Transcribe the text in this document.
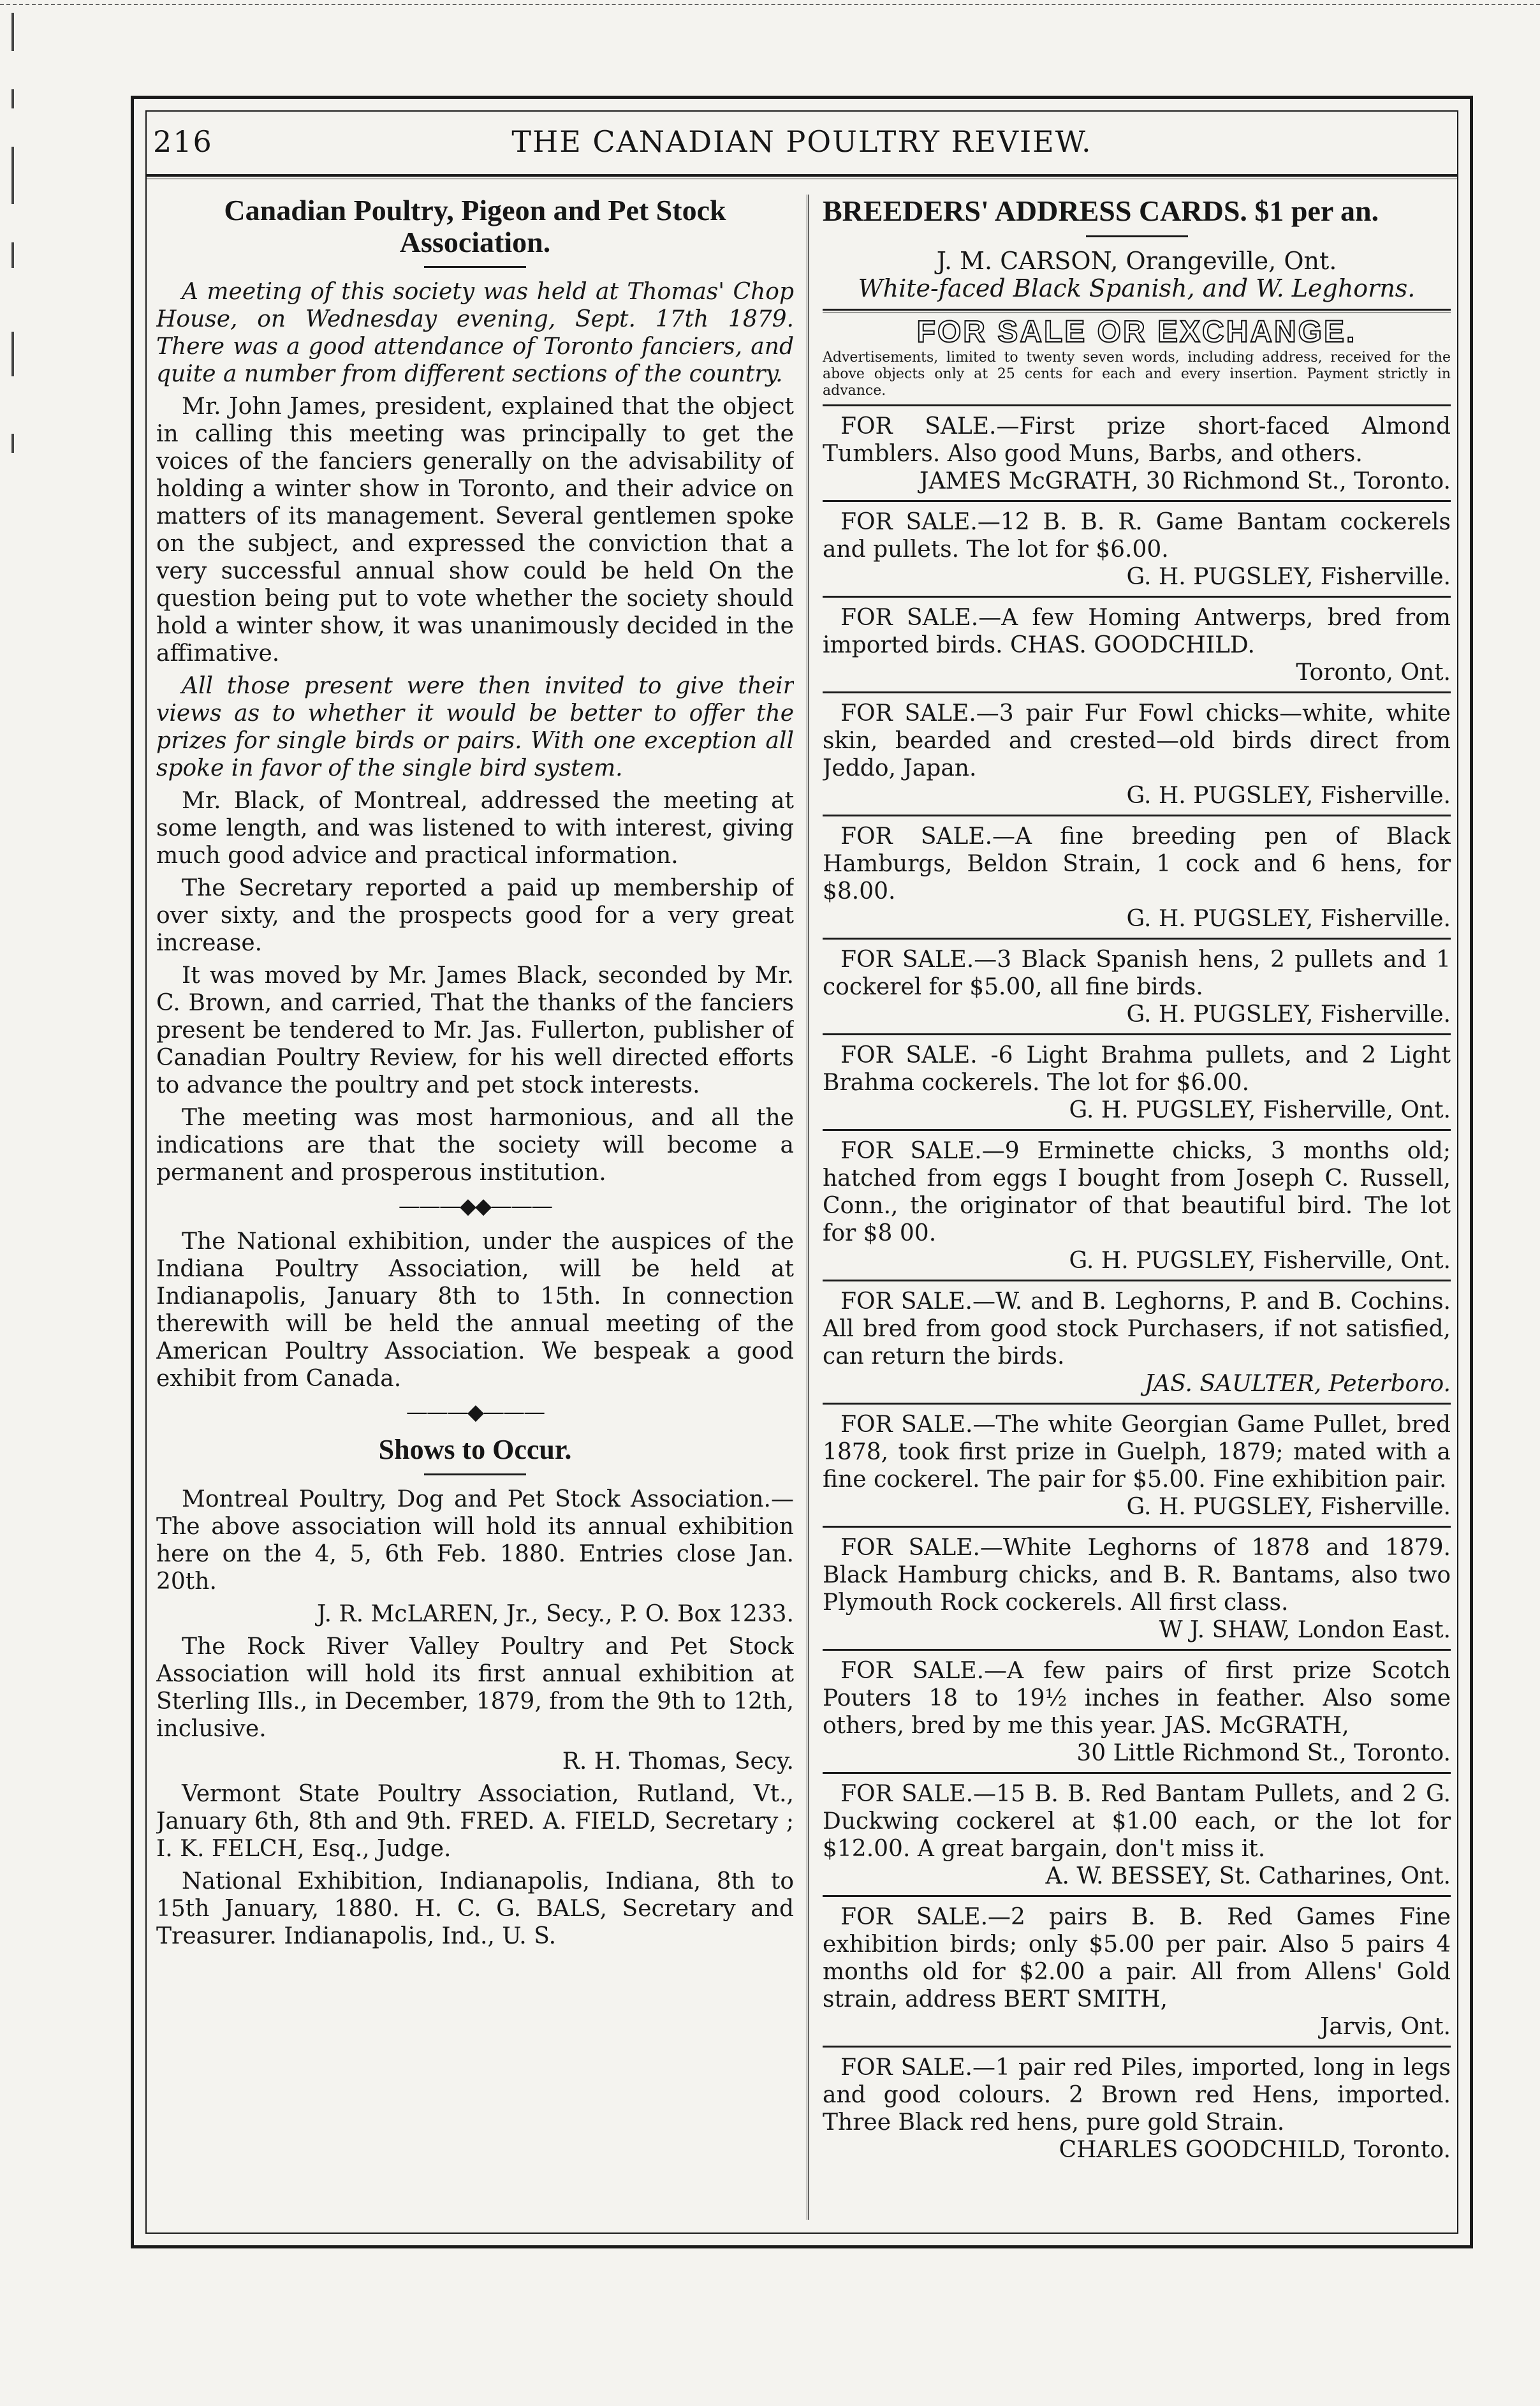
216	THE CANADIAN POULTRY REVIEW.
Canadian Poultry, Pigeon and Pet Stock Association.

A meeting of this society was held at Thomas' Chop House, on Wednesday evening, Sept. 17th 1879. There was a good attendance of Toronto fanciers, and quite a number from different sections of the country.

Mr. John James, president, explained that the object in calling this meeting was principally to get the voices of the fanciers generally on the advisability of holding a winter show in Toronto, and their advice on matters of its management. Several gentlemen spoke on the subject, and expressed the conviction that a very successful annual show could be held On the question being put to vote whether the society should hold a winter show, it was unanimously decided in the affimative.

All those present were then invited to give their views as to whether it would be better to offer the prizes for single birds or pairs. With one exception all spoke in favor of the single bird system.

Mr. Black, of Montreal, addressed the meeting at some length, and was listened to with interest, giving much good advice and practical information.

The Secretary reported a paid up membership of over sixty, and the prospects good for a very great increase.

It was moved by Mr. James Black, seconded by Mr. C. Brown, and carried, That the thanks of the fanciers present be tendered to Mr. Jas. Fullerton, publisher of Canadian Poultry Review, for his well directed efforts to advance the poultry and pet stock interests.

The meeting was most harmonious, and all the indications are that the society will become a permanent and prosperous institution.

———◆◆———

The National exhibition, under the auspices of the Indiana Poultry Association, will be held at Indianapolis, January 8th to 15th. In connection therewith will be held the annual meeting of the American Poultry Association. We bespeak a good exhibit from Canada.

———◆———
Shows to Occur.

Montreal Poultry, Dog and Pet Stock Association.—The above association will hold its annual exhibition here on the 4, 5, 6th Feb. 1880. Entries close Jan. 20th.

J. R. McLAREN, Jr., Secy., P. O. Box 1233.

The Rock River Valley Poultry and Pet Stock Association will hold its first annual exhibition at Sterling Ills., in December, 1879, from the 9th to 12th, inclusive.

R. H. Thomas, Secy.

Vermont State Poultry Association, Rutland, Vt., January 6th, 8th and 9th. FRED. A. FIELD, Secretary ; I. K. FELCH, Esq., Judge.

National Exhibition, Indianapolis, Indiana, 8th to 15th January, 1880. H. C. G. BALS, Secretary and Treasurer. Indianapolis, Ind., U. S.

BREEDERS' ADDRESS CARDS. $1 per an.
J. M. CARSON, Orangeville, Ont.
White-faced Black Spanish, and W. Leghorns.
FOR SALE OR EXCHANGE.
Advertisements, limited to twenty seven words, including address, received for the above objects only at 25 cents for each and every insertion. Payment strictly in advance.

FOR SALE.—First prize short-faced Almond Tumblers. Also good Muns, Barbs, and others.

JAMES McGRATH, 30 Richmond St., Toronto.

FOR SALE.—12 B. B. R. Game Bantam cockerels and pullets. The lot for $6.00.

G. H. PUGSLEY, Fisherville.

FOR SALE.—A few Homing Antwerps, bred from imported birds. CHAS. GOODCHILD.

Toronto, Ont.

FOR SALE.—3 pair Fur Fowl chicks—white, white skin, bearded and crested—old birds direct from Jeddo, Japan.

G. H. PUGSLEY, Fisherville.

FOR SALE.—A fine breeding pen of Black Hamburgs, Beldon Strain, 1 cock and 6 hens, for $8.00.

G. H. PUGSLEY, Fisherville.

FOR SALE.—3 Black Spanish hens, 2 pullets and 1 cockerel for $5.00, all fine birds.

G. H. PUGSLEY, Fisherville.

FOR SALE. -6 Light Brahma pullets, and 2 Light Brahma cockerels. The lot for $6.00.

G. H. PUGSLEY, Fisherville, Ont.

FOR SALE.—9 Erminette chicks, 3 months old; hatched from eggs I bought from Joseph C. Russell, Conn., the originator of that beautiful bird. The lot for $8 00.

G. H. PUGSLEY, Fisherville, Ont.

FOR SALE.—W. and B. Leghorns, P. and B. Cochins. All bred from good stock Purchasers, if not satisfied, can return the birds.

JAS. SAULTER, Peterboro.

FOR SALE.—The white Georgian Game Pullet, bred 1878, took first prize in Guelph, 1879; mated with a fine cockerel. The pair for $5.00. Fine exhibition pair.

G. H. PUGSLEY, Fisherville.

FOR SALE.—White Leghorns of 1878 and 1879. Black Hamburg chicks, and B. R. Bantams, also two Plymouth Rock cockerels. All first class.

W J. SHAW, London East.

FOR SALE.—A few pairs of first prize Scotch Pouters 18 to 19½ inches in feather. Also some others, bred by me this year. JAS. McGRATH,

30 Little Richmond St., Toronto.

FOR SALE.—15 B. B. Red Bantam Pullets, and 2 G. Duckwing cockerel at $1.00 each, or the lot for $12.00. A great bargain, don't miss it.

A. W. BESSEY, St. Catharines, Ont.

FOR SALE.—2 pairs B. B. Red Games Fine exhibition birds; only $5.00 per pair. Also 5 pairs 4 months old for $2.00 a pair. All from Allens' Gold strain, address BERT SMITH,

Jarvis, Ont.

FOR SALE.—1 pair red Piles, imported, long in legs and good colours. 2 Brown red Hens, imported. Three Black red hens, pure gold Strain.

CHARLES GOODCHILD, Toronto.
